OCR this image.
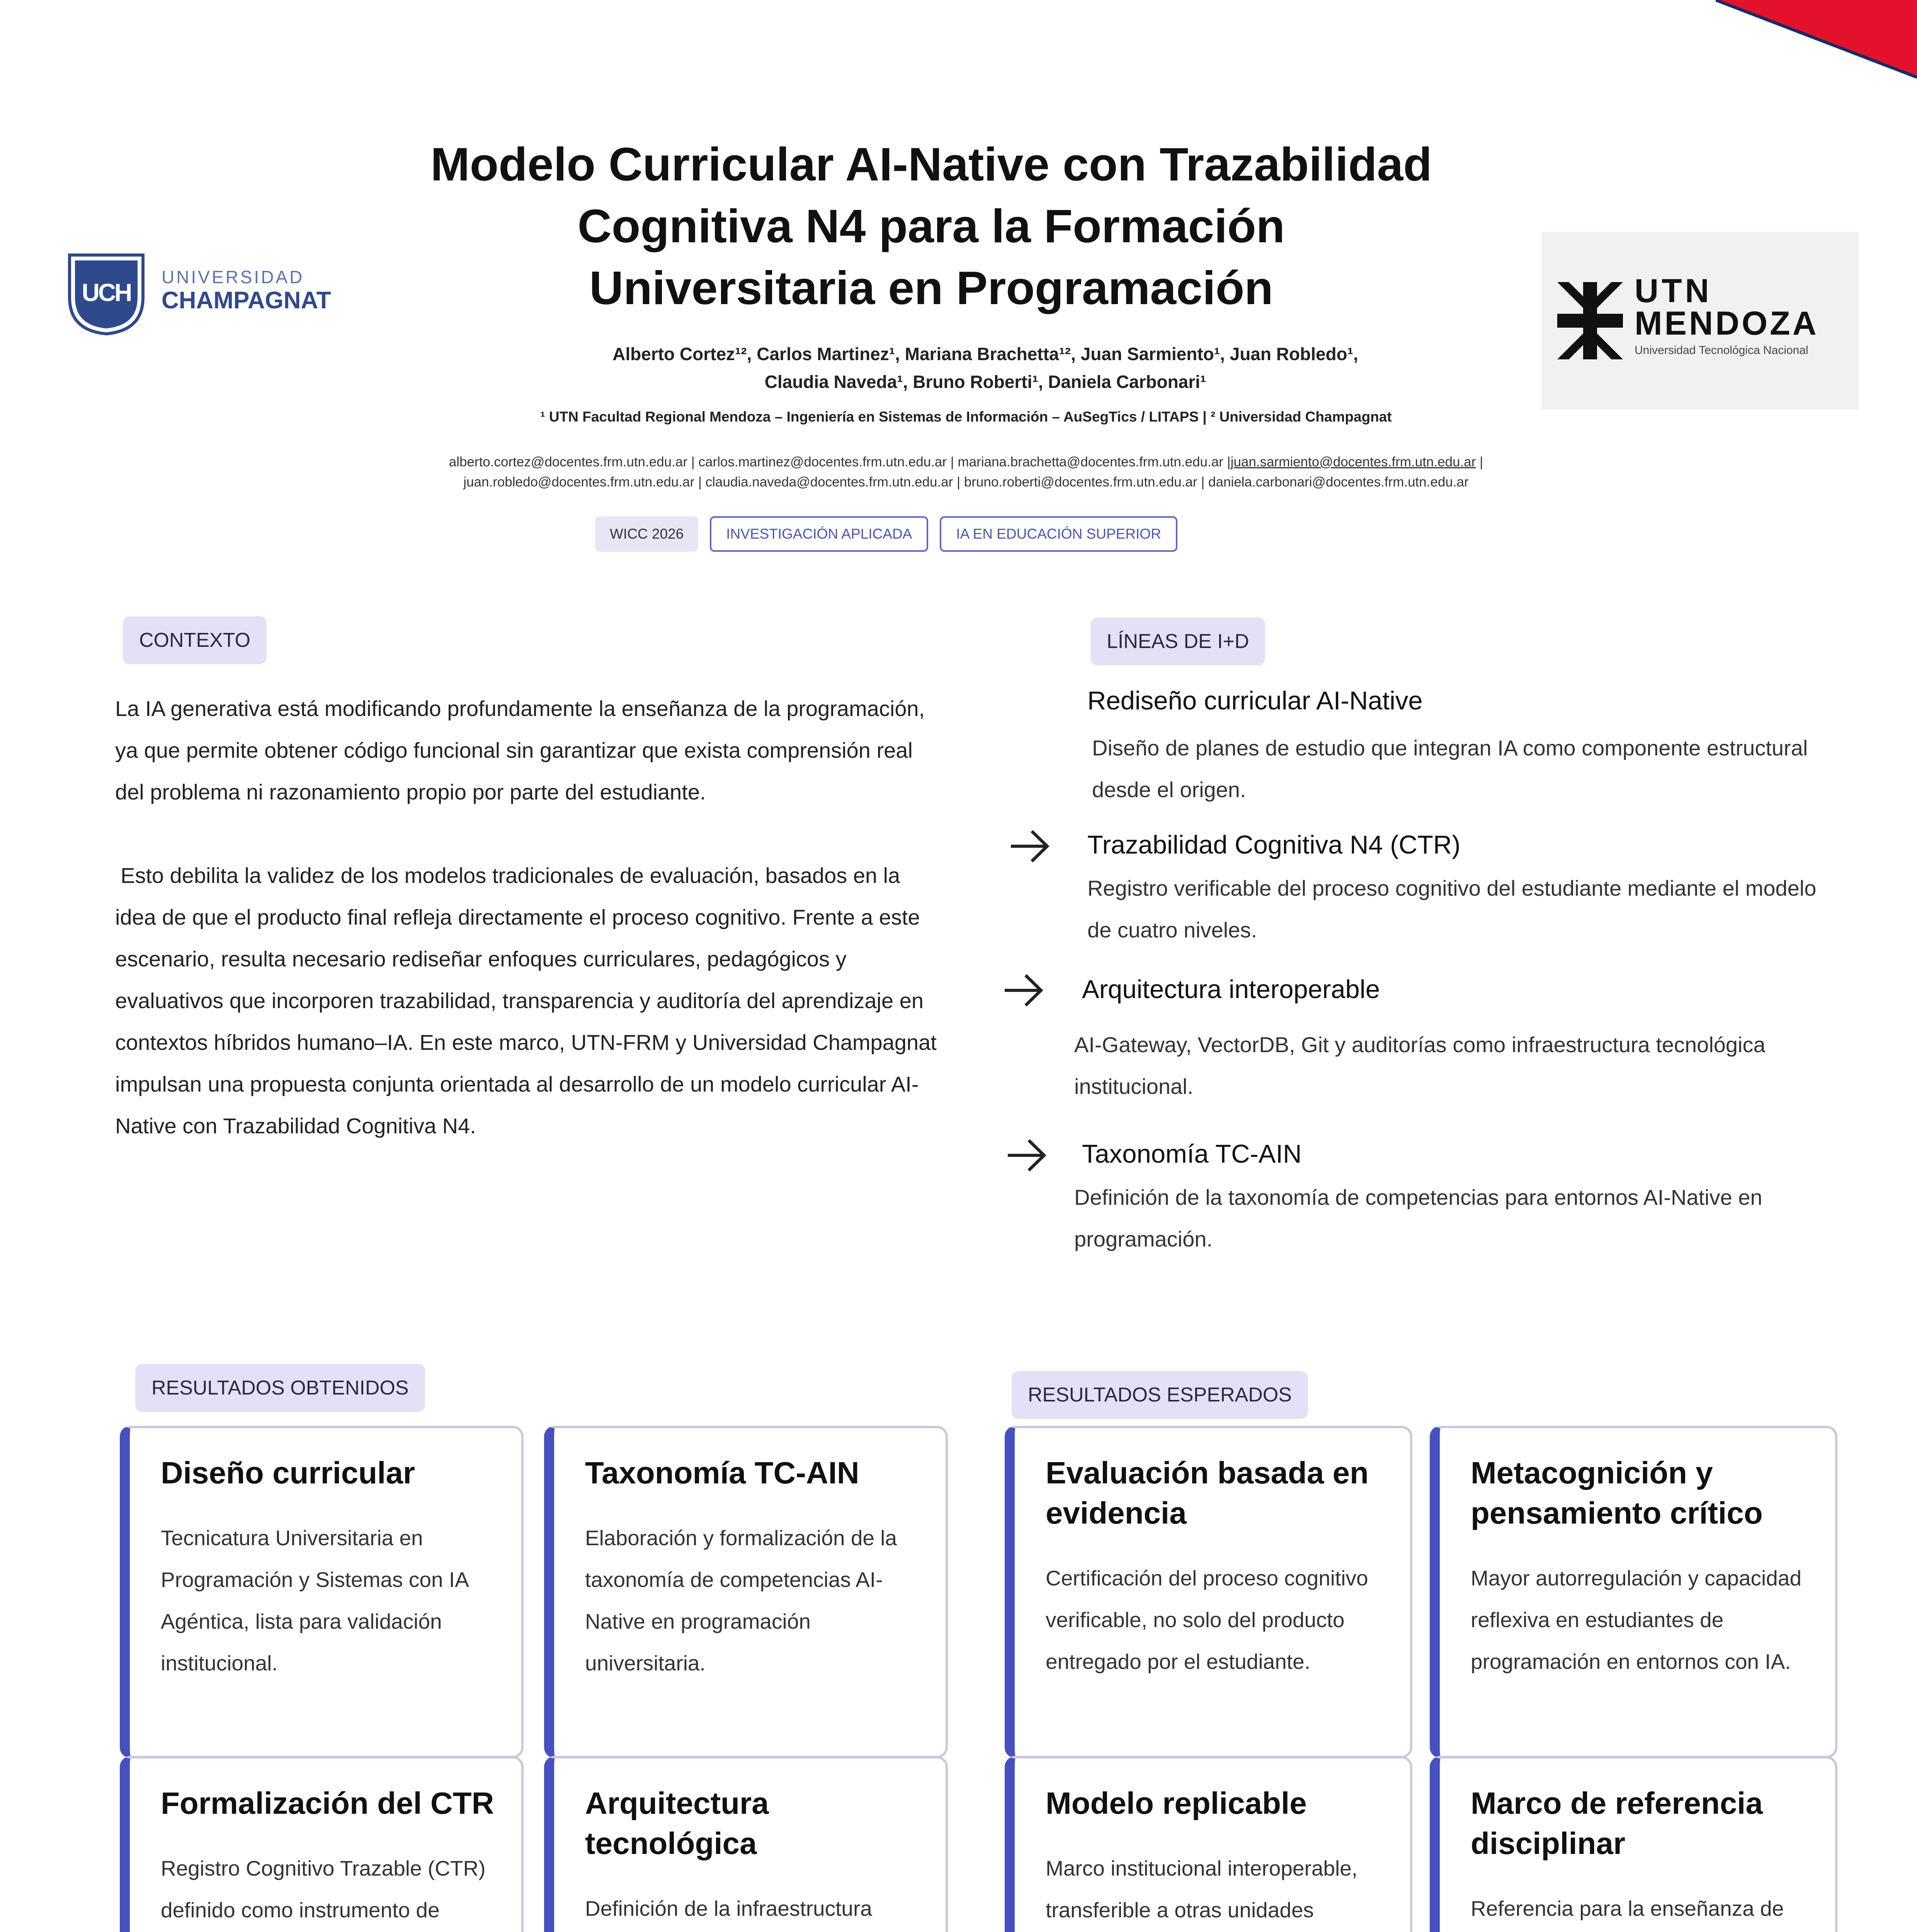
UCH
UNIVERSIDAD
CHAMPAGNAT	UTN
MENDOZA
Universidad Tecnológica Nacional
Modelo Curricular AI-Native con Trazabilidad
Cognitiva N4 para la Formación
Universitaria en Programación
Alberto Cortez¹², Carlos Martinez¹, Mariana Brachetta¹², Juan Sarmiento¹, Juan Robledo¹,
Claudia Naveda¹, Bruno Roberti¹, Daniela Carbonari¹
¹ UTN Facultad Regional Mendoza – Ingeniería en Sistemas de Información – AuSegTics / LITAPS | ² Universidad Champagnat
alberto.cortez@docentes.frm.utn.edu.ar | carlos.martinez@docentes.frm.utn.edu.ar | mariana.brachetta@docentes.frm.utn.edu.ar |juan.sarmiento@docentes.frm.utn.edu.ar |
juan.robledo@docentes.frm.utn.edu.ar | claudia.naveda@docentes.frm.utn.edu.ar | bruno.roberti@docentes.frm.utn.edu.ar | daniela.carbonari@docentes.frm.utn.edu.ar
WICC 2026	INVESTIGACIÓN APLICADA	IA EN EDUCACIÓN SUPERIOR
CONTEXTO

La IA generativa está modificando profundamente la enseñanza de la programación, ya que permite obtener código funcional sin garantizar que exista comprensión real del problema ni razonamiento propio por parte del estudiante.

Esto debilita la validez de los modelos tradicionales de evaluación, basados en la idea de que el producto final refleja directamente el proceso cognitivo. Frente a este escenario, resulta necesario rediseñar enfoques curriculares, pedagógicos y evaluativos que incorporen trazabilidad, transparencia y auditoría del aprendizaje en contextos híbridos humano–IA. En este marco, UTN-FRM y Universidad Champagnat impulsan una propuesta conjunta orientada al desarrollo de un modelo curricular AI-Native con Trazabilidad Cognitiva N4.

LÍNEAS DE I+D
Rediseño curricular AI-Native
Diseño de planes de estudio que integran IA como componente estructural desde el origen.
Trazabilidad Cognitiva N4 (CTR)
Registro verificable del proceso cognitivo del estudiante mediante el modelo de cuatro niveles.
Arquitectura interoperable
AI-Gateway, VectorDB, Git y auditorías como infraestructura tecnológica institucional.
Taxonomía TC-AIN
Definición de la taxonomía de competencias para entornos AI-Native en programación.
RESULTADOS OBTENIDOS
Diseño curricular

Tecnicatura Universitaria en Programación y Sistemas con IA Agéntica, lista para validación institucional.

Taxonomía TC-AIN

Elaboración y formalización de la taxonomía de competencias AI-Native en programación universitaria.

Formalización del CTR

Registro Cognitivo Trazable (CTR) definido como instrumento de

Arquitectura tecnológica

Definición de la infraestructura

RESULTADOS ESPERADOS
Evaluación basada en evidencia

Certificación del proceso cognitivo verificable, no solo del producto entregado por el estudiante.

Metacognición y pensamiento crítico

Mayor autorregulación y capacidad reflexiva en estudiantes de programación en entornos con IA.

Modelo replicable

Marco institucional interoperable, transferible a otras unidades

Marco de referencia disciplinar

Referencia para la enseñanza de
